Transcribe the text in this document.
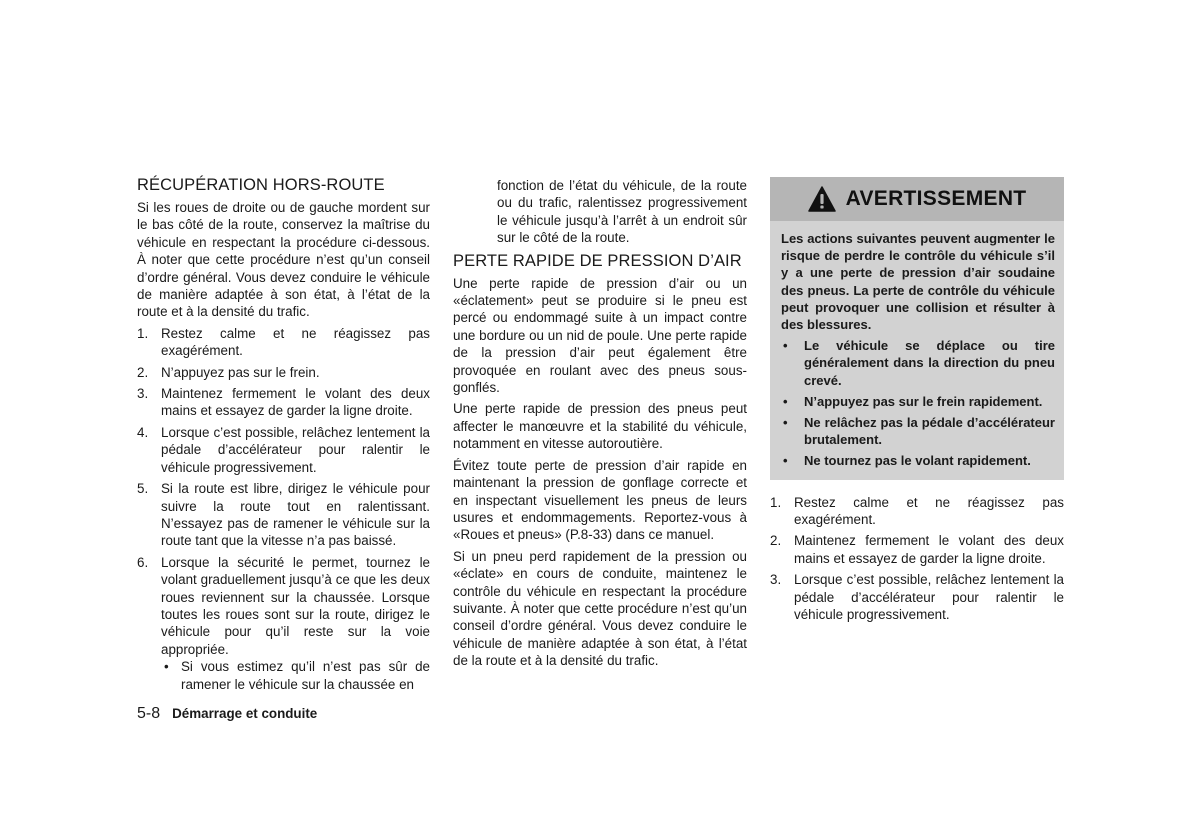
RÉCUPÉRATION HORS-ROUTE

Si les roues de droite ou de gauche mordent sur le bas côté de la route, conservez la maîtrise du véhicule en respectant la procédure ci-dessous. À noter que cette procédure n’est qu’un conseil d’ordre général. Vous devez conduire le véhicule de manière adaptée à son état, à l’état de la route et à la densité du trafic.

1. Restez calme et ne réagissez pas exagérément.
2. N’appuyez pas sur le frein.
3. Maintenez fermement le volant des deux mains et essayez de garder la ligne droite.
4. Lorsque c’est possible, relâchez lentement la pédale d’accélérateur pour ralentir le véhicule progressivement.
5. Si la route est libre, dirigez le véhicule pour suivre la route tout en ralentissant. N’essayez pas de ramener le véhicule sur la route tant que la vitesse n’a pas baissé.
6. Lorsque la sécurité le permet, tournez le volant graduellement jusqu’à ce que les deux roues reviennent sur la chaussée. Lorsque toutes les roues sont sur la route, dirigez le véhicule pour qu’il reste sur la voie appropriée.
• Si vous estimez qu’il n’est pas sûr de ramener le véhicule sur la chaussée en

fonction de l’état du véhicule, de la route ou du trafic, ralentissez progressivement le véhicule jusqu’à l’arrêt à un endroit sûr sur le côté de la route.

PERTE RAPIDE DE PRESSION D’AIR

Une perte rapide de pression d’air ou un «éclatement» peut se produire si le pneu est percé ou endommagé suite à un impact contre une bordure ou un nid de poule. Une perte rapide de la pression d’air peut également être provoquée en roulant avec des pneus sous-gonflés.

Une perte rapide de pression des pneus peut affecter le manœuvre et la stabilité du véhicule, notamment en vitesse autoroutière.

Évitez toute perte de pression d’air rapide en maintenant la pression de gonflage correcte et en inspectant visuellement les pneus de leurs usures et endommagements. Reportez-vous à «Roues et pneus» (P.8-33) dans ce manuel.

Si un pneu perd rapidement de la pression ou «éclate» en cours de conduite, maintenez le contrôle du véhicule en respectant la procédure suivante. À noter que cette procédure n’est qu’un conseil d’ordre général. Vous devez conduire le véhicule de manière adaptée à son état, à l’état de la route et à la densité du trafic.

AVERTISSEMENT

Les actions suivantes peuvent augmenter le risque de perdre le contrôle du véhicule s’il y a une perte de pression d’air soudaine des pneus. La perte de contrôle du véhicule peut provoquer une collision et résulter à des blessures.

• Le véhicule se déplace ou tire généralement dans la direction du pneu crevé.
• N’appuyez pas sur le frein rapidement.
• Ne relâchez pas la pédale d’accélérateur brutalement.
• Ne tournez pas le volant rapidement.
1. Restez calme et ne réagissez pas exagérément.
2. Maintenez fermement le volant des deux mains et essayez de garder la ligne droite.
3. Lorsque c’est possible, relâchez lentement la pédale d’accélérateur pour ralentir le véhicule progressivement.
5-8 Démarrage et conduite
